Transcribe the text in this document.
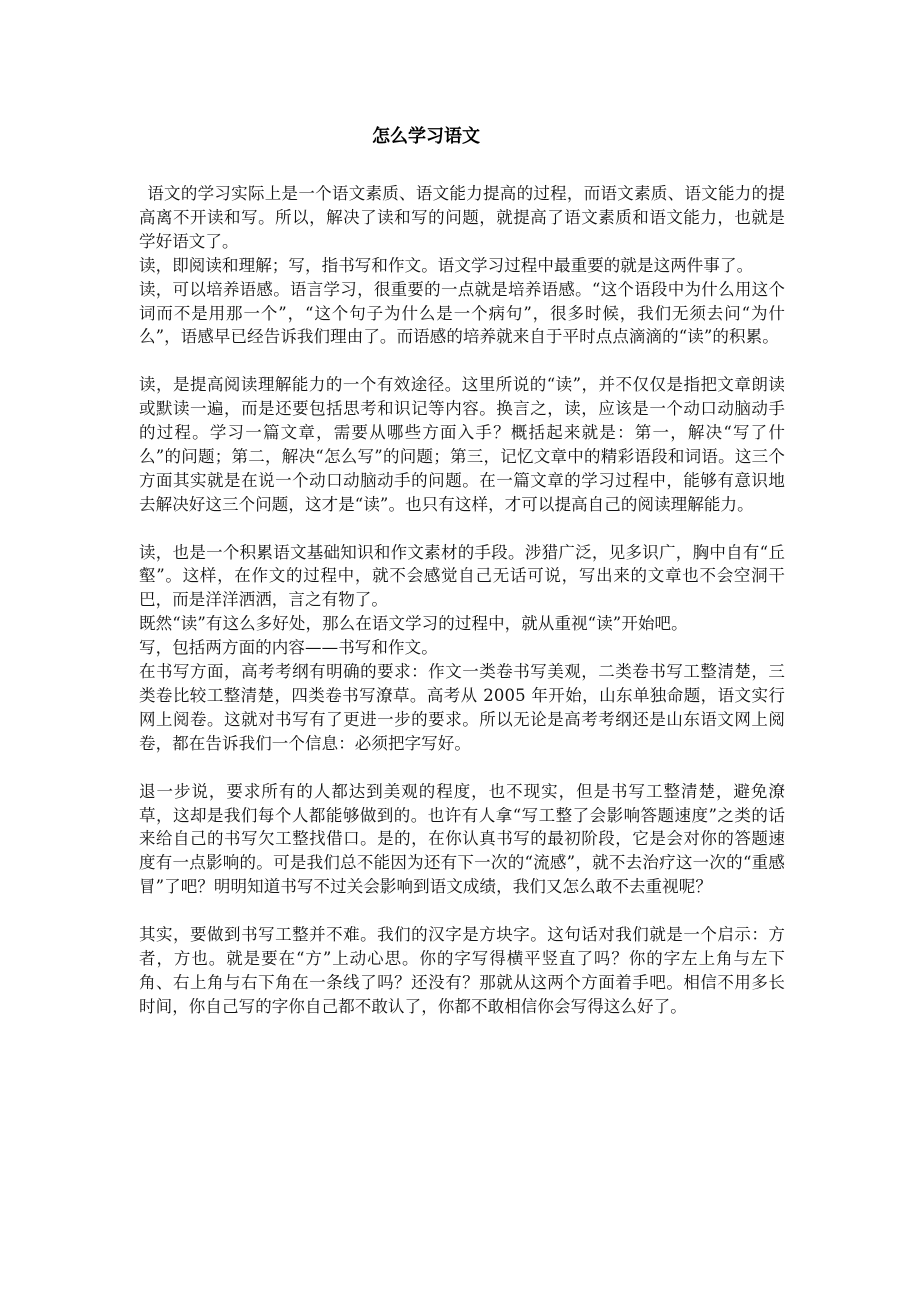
怎么学习语文

语文的学习实际上是一个语文素质、语文能力提高的过程，而语文素质、语文能力的提高离不开读和写。所以，解决了读和写的问题，就提高了语文素质和语文能力，也就是学好语文了。

读，即阅读和理解；写，指书写和作文。语文学习过程中最重要的就是这两件事了。

读，可以培养语感。语言学习，很重要的一点就是培养语感。“这个语段中为什么用这个词而不是用那一个”，“这个句子为什么是一个病句”，很多时候，我们无须去问“为什么”，语感早已经告诉我们理由了。而语感的培养就来自于平时点点滴滴的“读”的积累。

读，是提高阅读理解能力的一个有效途径。这里所说的“读”，并不仅仅是指把文章朗读或默读一遍，而是还要包括思考和识记等内容。换言之，读，应该是一个动口动脑动手的过程。学习一篇文章，需要从哪些方面入手？概括起来就是：第一，解决“写了什么”的问题；第二，解决“怎么写”的问题；第三，记忆文章中的精彩语段和词语。这三个方面其实就是在说一个动口动脑动手的问题。在一篇文章的学习过程中，能够有意识地去解决好这三个问题，这才是“读”。也只有这样，才可以提高自己的阅读理解能力。

读，也是一个积累语文基础知识和作文素材的手段。涉猎广泛，见多识广，胸中自有“丘壑”。这样，在作文的过程中，就不会感觉自己无话可说，写出来的文章也不会空洞干巴，而是洋洋洒洒，言之有物了。

既然“读”有这么多好处，那么在语文学习的过程中，就从重视“读”开始吧。

写，包括两方面的内容——书写和作文。

在书写方面，高考考纲有明确的要求：作文一类卷书写美观，二类卷书写工整清楚，三类卷比较工整清楚，四类卷书写潦草。高考从 2005 年开始，山东单独命题，语文实行网上阅卷。这就对书写有了更进一步的要求。所以无论是高考考纲还是山东语文网上阅卷，都在告诉我们一个信息：必须把字写好。

退一步说，要求所有的人都达到美观的程度，也不现实，但是书写工整清楚，避免潦草，这却是我们每个人都能够做到的。也许有人拿“写工整了会影响答题速度”之类的话来给自己的书写欠工整找借口。是的，在你认真书写的最初阶段，它是会对你的答题速度有一点影响的。可是我们总不能因为还有下一次的“流感”，就不去治疗这一次的“重感冒”了吧？明明知道书写不过关会影响到语文成绩，我们又怎么敢不去重视呢？

其实，要做到书写工整并不难。我们的汉字是方块字。这句话对我们就是一个启示：方者，方也。就是要在“方”上动心思。你的字写得横平竖直了吗？你的字左上角与左下角、右上角与右下角在一条线了吗？还没有？那就从这两个方面着手吧。相信不用多长时间，你自己写的字你自己都不敢认了，你都不敢相信你会写得这么好了。
